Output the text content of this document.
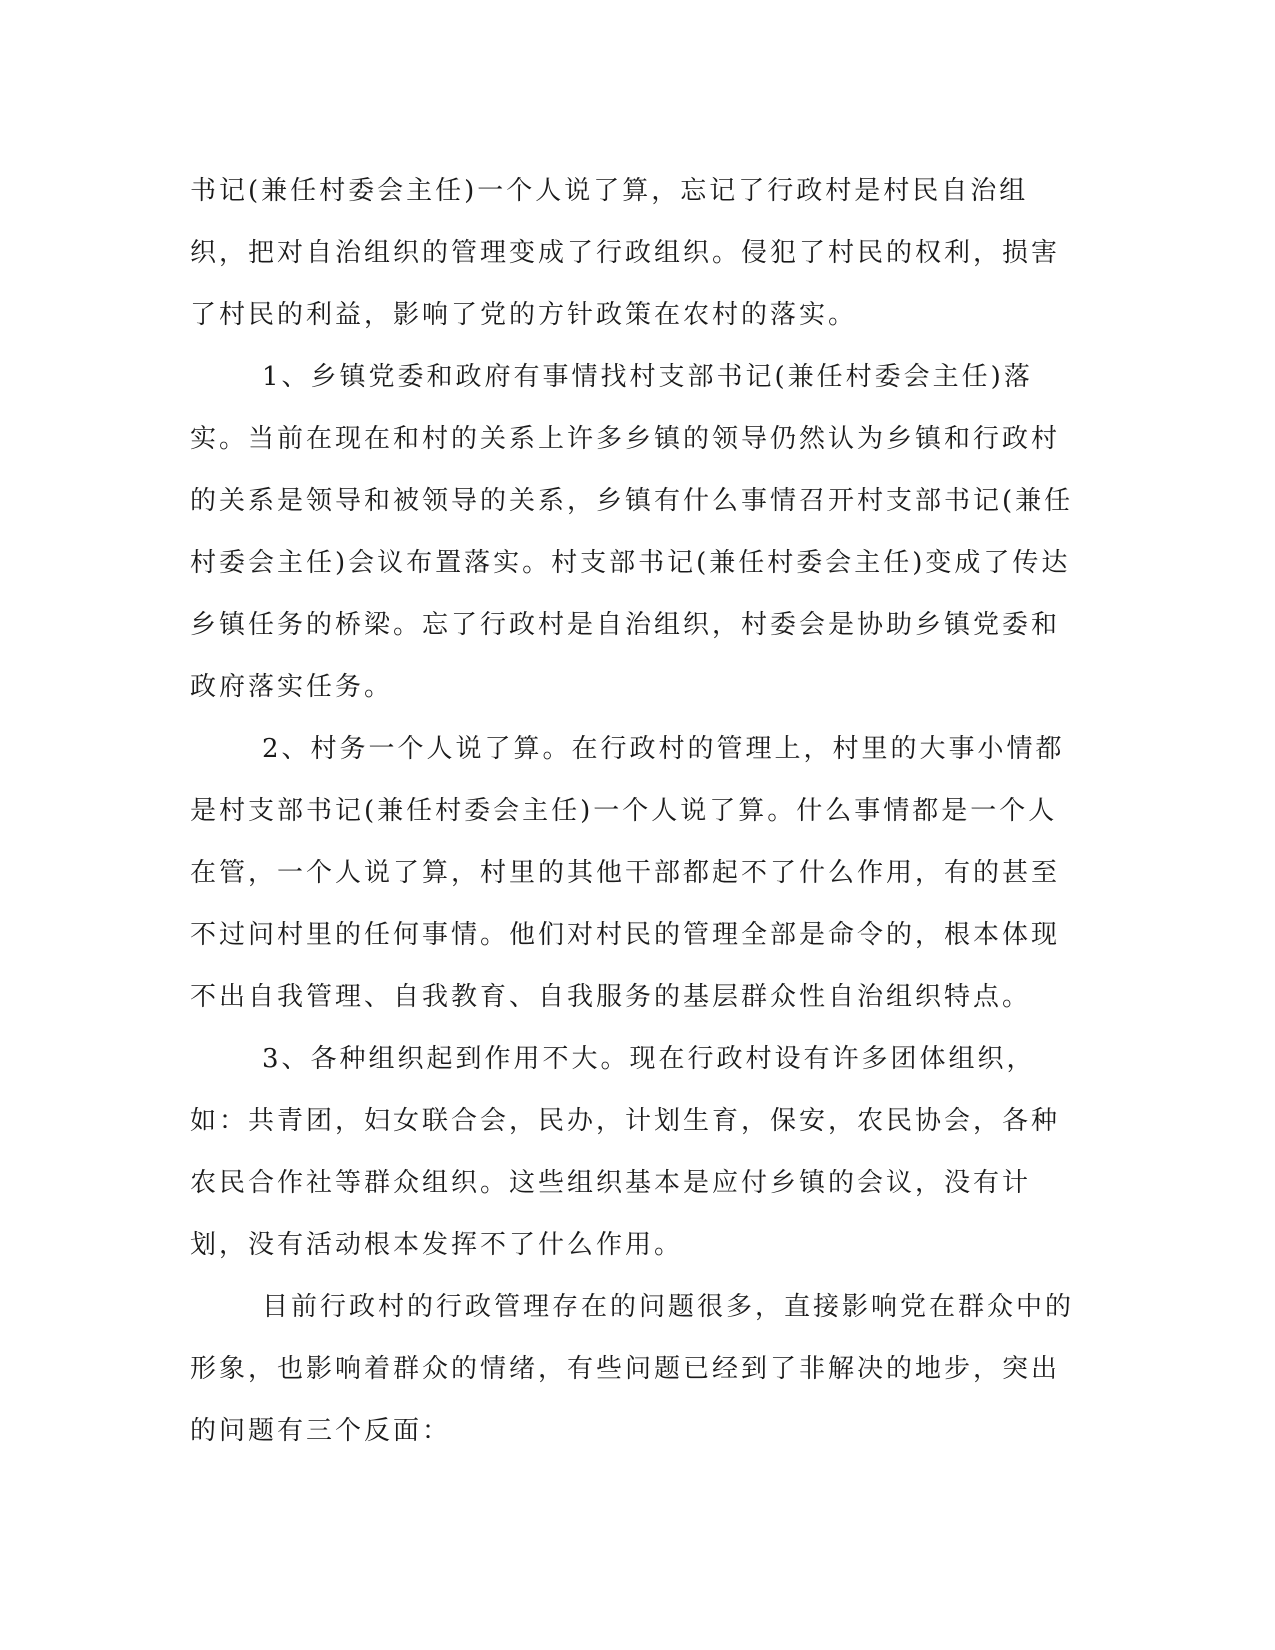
书记(兼任村委会主任)一个人说了算，忘记了行政村是村民自治组织，把对自治组织的管理变成了行政组织。侵犯了村民的权利，损害了村民的利益，影响了党的方针政策在农村的落实。

1、乡镇党委和政府有事情找村支部书记(兼任村委会主任)落实。当前在现在和村的关系上许多乡镇的领导仍然认为乡镇和行政村的关系是领导和被领导的关系，乡镇有什么事情召开村支部书记(兼任村委会主任)会议布置落实。村支部书记(兼任村委会主任)变成了传达乡镇任务的桥梁。忘了行政村是自治组织，村委会是协助乡镇党委和政府落实任务。

2、村务一个人说了算。在行政村的管理上，村里的大事小情都是村支部书记(兼任村委会主任)一个人说了算。什么事情都是一个人在管，一个人说了算，村里的其他干部都起不了什么作用，有的甚至不过问村里的任何事情。他们对村民的管理全部是命令的，根本体现不出自我管理、自我教育、自我服务的基层群众性自治组织特点。

3、各种组织起到作用不大。现在行政村设有许多团体组织，如：共青团，妇女联合会，民办，计划生育，保安，农民协会，各种农民合作社等群众组织。这些组织基本是应付乡镇的会议，没有计划，没有活动根本发挥不了什么作用。

目前行政村的行政管理存在的问题很多，直接影响党在群众中的形象，也影响着群众的情绪，有些问题已经到了非解决的地步，突出的问题有三个反面：
